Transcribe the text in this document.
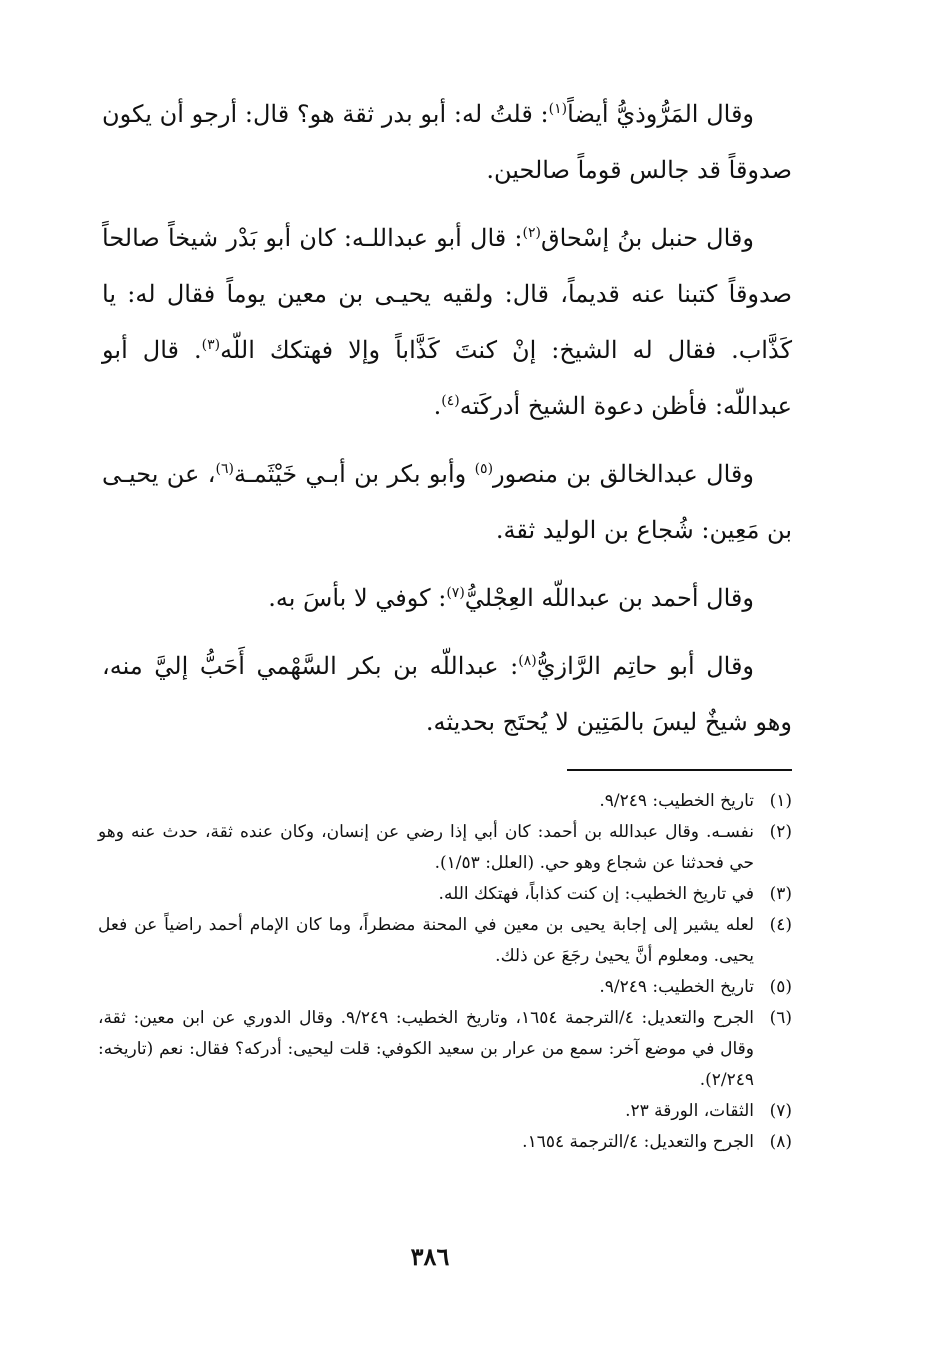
وقال المَرُّوذيُّ أيضاً$^{(١)}$: قلتُ له: أبو بدر ثقة هو؟ قال: أرجو أن يكون صدوقاً قد جالس قوماً صالحين.

وقال حنبل بنُ إسْحاق$^{(٢)}$: قال أبو عبداللـه: كان أبو بَدْر شيخاً صالحاً صدوقاً كتبنا عنه قديماً، قال: ولقيه يحيـى بن معين يوماً فقال له: يا كَذَّاب. فقال له الشيخ: إنْ كنتَ كَذَّاباً وإلا فهتكك اللّه$^{(٣)}$. قال أبو عبداللّه: فأظن دعوة الشيخ أدركَته$^{(٤)}$.

وقال عبدالخالق بن منصور$^{(٥)}$ وأبو بكر بن أبـي خَيْثَمـة$^{(٦)}$، عن يحيـى بن مَعِين: شُجاع بن الوليد ثقة.

وقال أحمد بن عبداللّه العِجْليُّ$^{(٧)}$: كوفي لا بأسَ به.

وقال أبو حاتِم الرَّازيُّ$^{(٨)}$: عبداللّه بن بكر السَّهْمي أَحَبُّ إليَّ منه، وهو شيخٌ ليسَ بالمَتِين لا يُحتَج بحديثه.

(١)
تاريخ الخطيب: ٩/٢٤٩.
(٢)
نفسـه. وقال عبدالله بن أحمد: كان أبي إذا رضي عن إنسان، وكان عنده ثقة، حدث عنه وهو حي فحدثنا عن شجاع وهو حي. (العلل: ١/٥٣).
(٣)
في تاريخ الخطيب: إن كنت كذاباً، فهتكك الله.
(٤)
لعله يشير إلى إجابة يحيى بن معين في المحنة مضطراً، وما كان الإمام أحمد راضياً عن فعل يحيى. ومعلوم أنَّ يحيىٰ رجَعَ عن ذلك.
(٥)
تاريخ الخطيب: ٩/٢٤٩.
(٦)
الجرح والتعديل: ٤/الترجمة ١٦٥٤، وتاريخ الخطيب: ٩/٢٤٩. وقال الدوري عن ابن معين: ثقة، وقال في موضع آخر: سمع من عرار بن سعيد الكوفي: قلت ليحيى: أدركه؟ فقال: نعم (تاريخه: ٢/٢٤٩).
(٧)
الثقات، الورقة ٢٣.
(٨)
الجرح والتعديل: ٤/الترجمة ١٦٥٤.
٣٨٦
